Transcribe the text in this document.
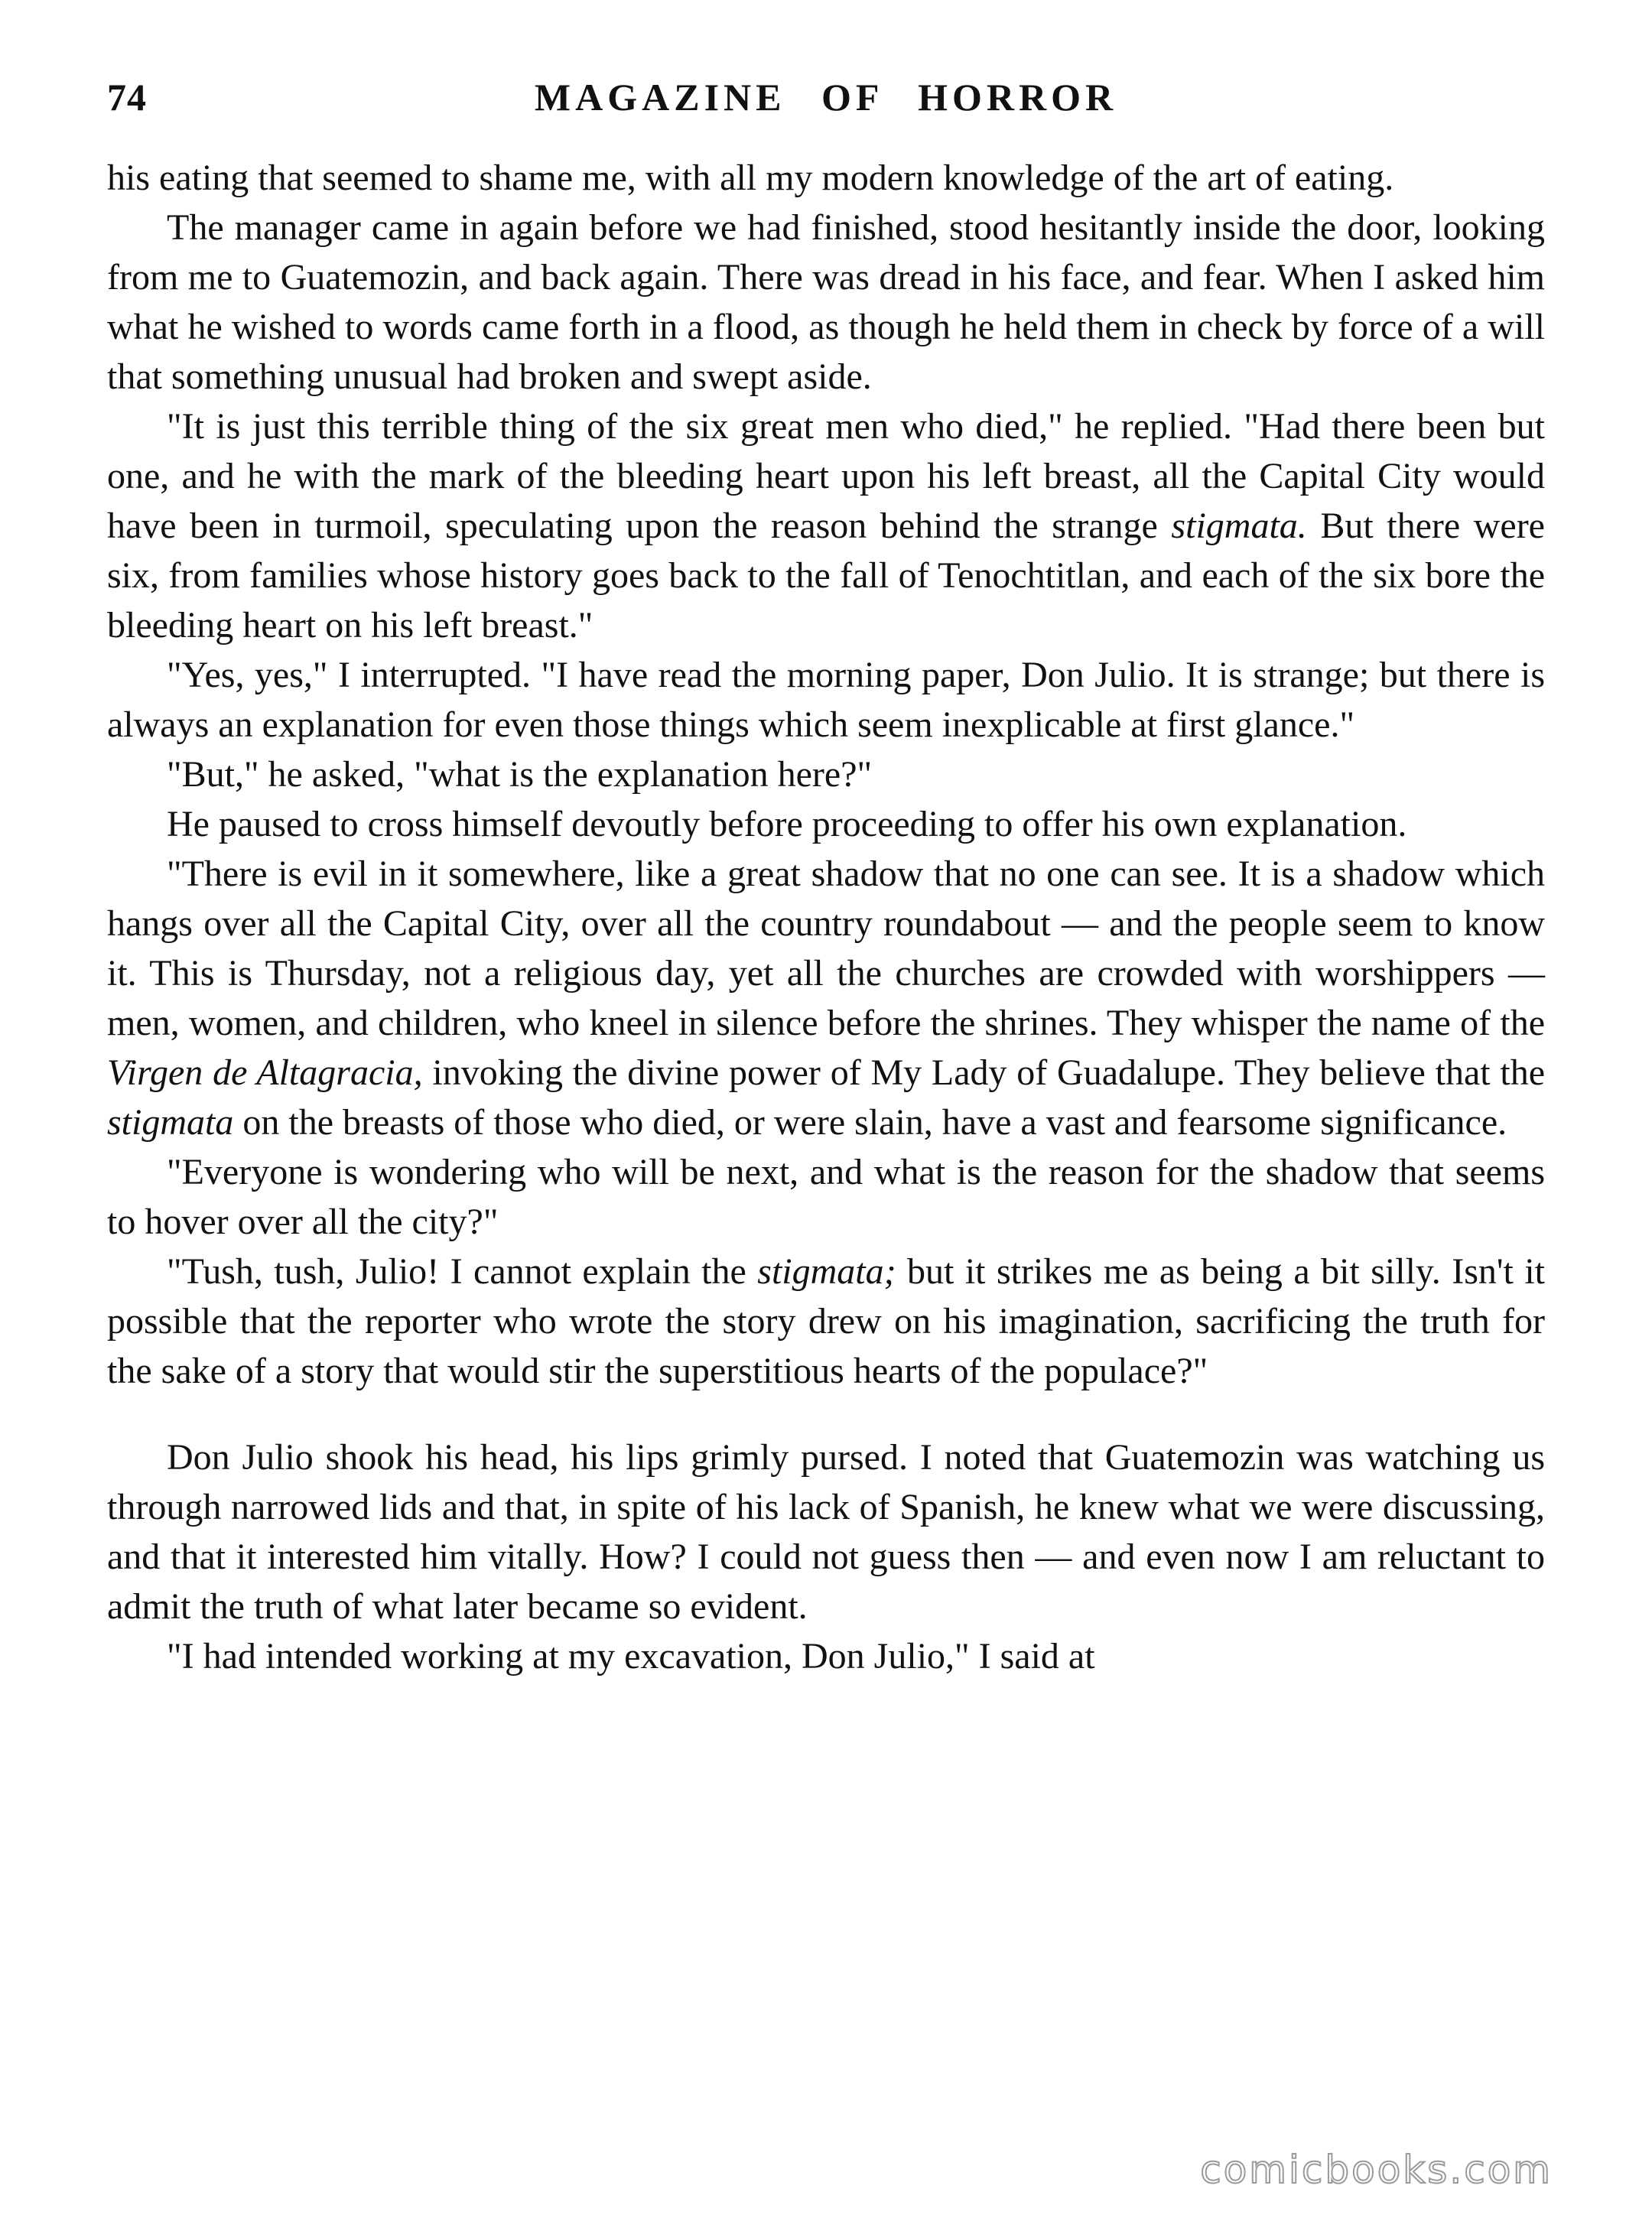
74	MAGAZINE OF HORROR

his eating that seemed to shame me, with all my modern knowledge of the art of eating.

The manager came in again before we had finished, stood hesitantly inside the door, looking from me to Guatemozin, and back again. There was dread in his face, and fear. When I asked him what he wished to words came forth in a flood, as though he held them in check by force of a will that something unusual had broken and swept aside.

"It is just this terrible thing of the six great men who died," he replied. "Had there been but one, and he with the mark of the bleeding heart upon his left breast, all the Capital City would have been in turmoil, speculating upon the reason behind the strange stigmata. But there were six, from families whose history goes back to the fall of Tenochtitlan, and each of the six bore the bleeding heart on his left breast."

"Yes, yes," I interrupted. "I have read the morning paper, Don Julio. It is strange; but there is always an explanation for even those things which seem inexplicable at first glance."

"But," he asked, "what is the explanation here?"

He paused to cross himself devoutly before proceeding to offer his own explanation.

"There is evil in it somewhere, like a great shadow that no one can see. It is a shadow which hangs over all the Capital City, over all the country roundabout — and the people seem to know it. This is Thursday, not a religious day, yet all the churches are crowded with worshippers — men, women, and children, who kneel in silence before the shrines. They whisper the name of the Virgen de Altagracia, invoking the divine power of My Lady of Guadalupe. They believe that the stigmata on the breasts of those who died, or were slain, have a vast and fearsome significance.

"Everyone is wondering who will be next, and what is the reason for the shadow that seems to hover over all the city?"

"Tush, tush, Julio! I cannot explain the stigmata; but it strikes me as being a bit silly. Isn't it possible that the reporter who wrote the story drew on his imagination, sacrificing the truth for the sake of a story that would stir the superstitious hearts of the populace?"

Don Julio shook his head, his lips grimly pursed. I noted that Guatemozin was watching us through narrowed lids and that, in spite of his lack of Spanish, he knew what we were discussing, and that it interested him vitally. How? I could not guess then — and even now I am reluctant to admit the truth of what later became so evident.

"I had intended working at my excavation, Don Julio," I said at

comicbooks.com
